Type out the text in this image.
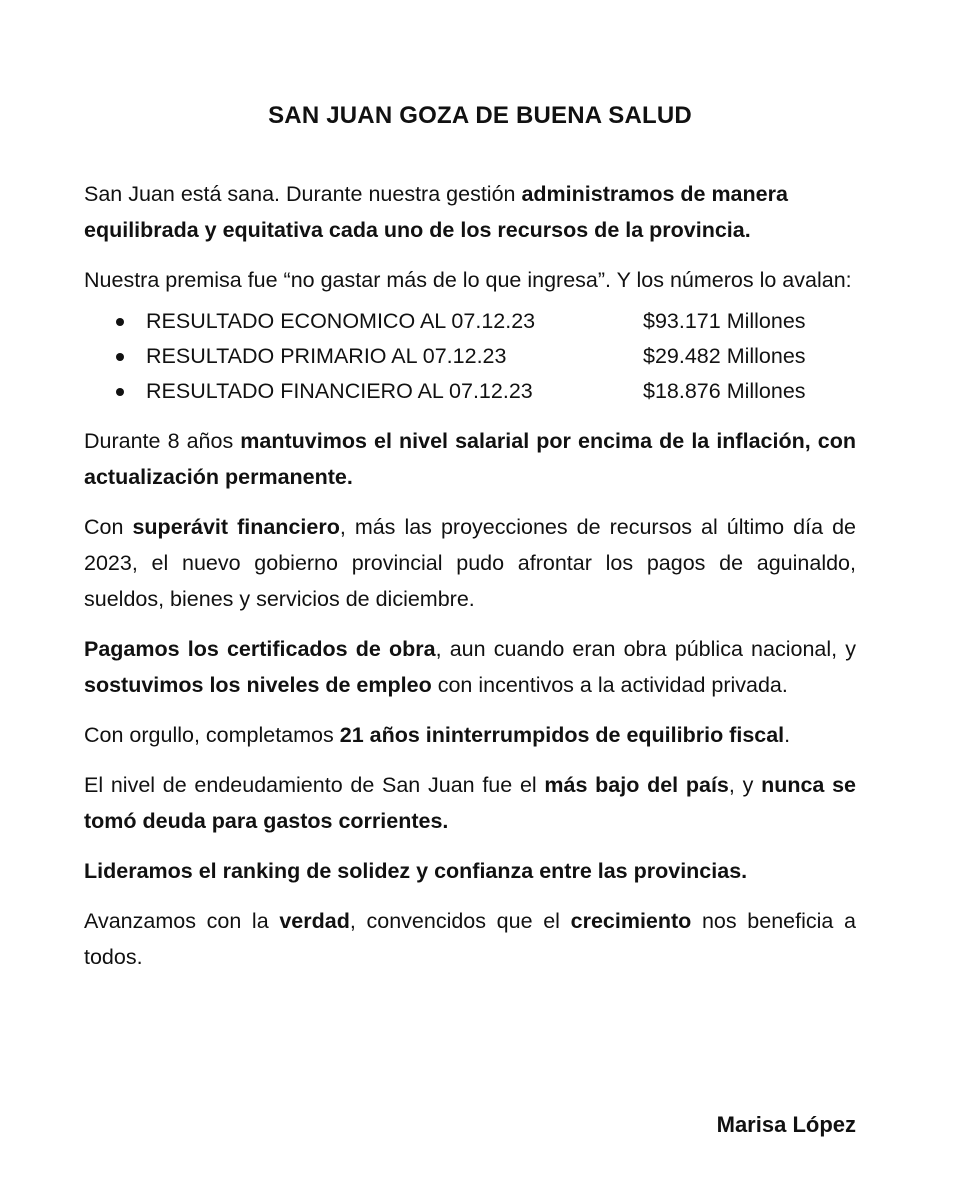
SAN JUAN GOZA DE BUENA SALUD

San Juan está sana. Durante nuestra gestión administramos de manera equilibrada y equitativa cada uno de los recursos de la provincia.

Nuestra premisa fue “no gastar más de lo que ingresa”. Y los números lo avalan:

RESULTADO ECONOMICO AL 07.12.23	$93.171 Millones
RESULTADO PRIMARIO AL 07.12.23	$29.482 Millones
RESULTADO FINANCIERO AL 07.12.23	$18.876 Millones

Durante 8 años mantuvimos el nivel salarial por encima de la inflación, con actualización permanente.

Con superávit financiero, más las proyecciones de recursos al último día de 2023, el nuevo gobierno provincial pudo afrontar los pagos de aguinaldo, sueldos, bienes y servicios de diciembre.

Pagamos los certificados de obra, aun cuando eran obra pública nacional, y sostuvimos los niveles de empleo con incentivos a la actividad privada.

Con orgullo, completamos 21 años ininterrumpidos de equilibrio fiscal.

El nivel de endeudamiento de San Juan fue el más bajo del país, y nunca se tomó deuda para gastos corrientes.

Lideramos el ranking de solidez y confianza entre las provincias.

Avanzamos con la verdad, convencidos que el crecimiento nos beneficia a todos.

Marisa López
